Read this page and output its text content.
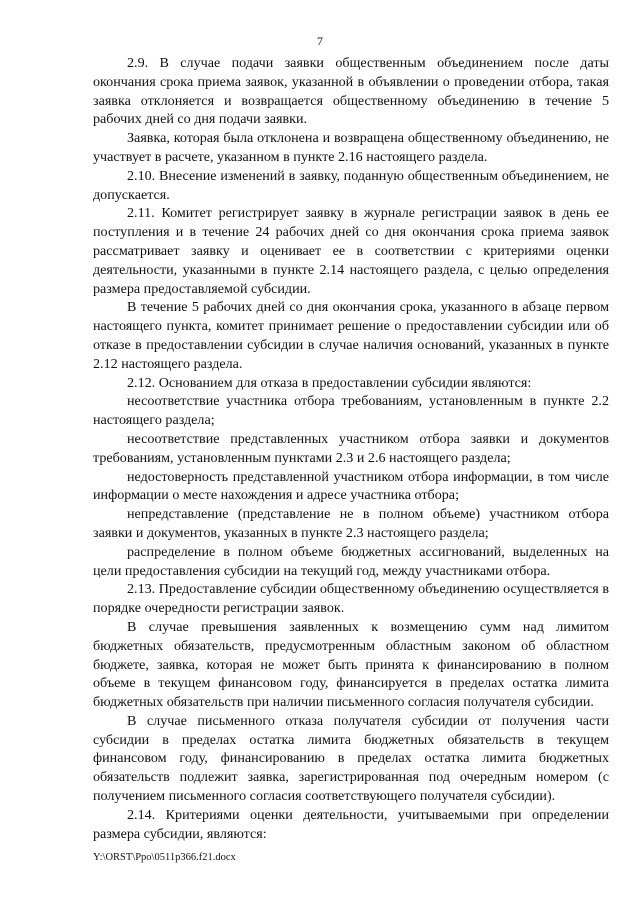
7

2.9. В случае подачи заявки общественным объединением после даты окончания срока приема заявок, указанной в объявлении о проведении отбора, такая заявка отклоняется и возвращается общественному объединению в течение 5 рабочих дней со дня подачи заявки.

Заявка, которая была отклонена и возвращена общественному объединению, не участвует в расчете, указанном в пункте 2.16 настоящего раздела.

2.10. Внесение изменений в заявку, поданную общественным объединением, не допускается.

2.11. Комитет регистрирует заявку в журнале регистрации заявок в день ее поступления и в течение 24 рабочих дней со дня окончания срока приема заявок рассматривает заявку и оценивает ее в соответствии с критериями оценки деятельности, указанными в пункте 2.14 настоящего раздела, с целью определения размера предоставляемой субсидии.

В течение 5 рабочих дней со дня окончания срока, указанного в абзаце первом настоящего пункта, комитет принимает решение о предоставлении субсидии или об отказе в предоставлении субсидии в случае наличия оснований, указанных в пункте 2.12 настоящего раздела.

2.12. Основанием для отказа в предоставлении субсидии являются:

несоответствие участника отбора требованиям, установленным в пункте 2.2 настоящего раздела;

несоответствие представленных участником отбора заявки и документов требованиям, установленным пунктами 2.3 и 2.6 настоящего раздела;

недостоверность представленной участником отбора информации, в том числе информации о месте нахождения и адресе участника отбора;

непредставление (представление не в полном объеме) участником отбора заявки и документов, указанных в пункте 2.3 настоящего раздела;

распределение в полном объеме бюджетных ассигнований, выделенных на цели предоставления субсидии на текущий год, между участниками отбора.

2.13. Предоставление субсидии общественному объединению осуществляется в порядке очередности регистрации заявок.

В случае превышения заявленных к возмещению сумм над лимитом бюджетных обязательств, предусмотренным областным законом об областном бюджете, заявка, которая не может быть принята к финансированию в полном объеме в текущем финансовом году, финансируется в пределах остатка лимита бюджетных обязательств при наличии письменного согласия получателя субсидии.

В случае письменного отказа получателя субсидии от получения части субсидии в пределах остатка лимита бюджетных обязательств в текущем финансовом году, финансированию в пределах остатка лимита бюджетных обязательств подлежит заявка, зарегистрированная под очередным номером (с получением письменного согласия соответствующего получателя субсидии).

2.14. Критериями оценки деятельности, учитываемыми при определении размера субсидии, являются:

Y:\ORST\Ppo\0511p366.f21.docx
